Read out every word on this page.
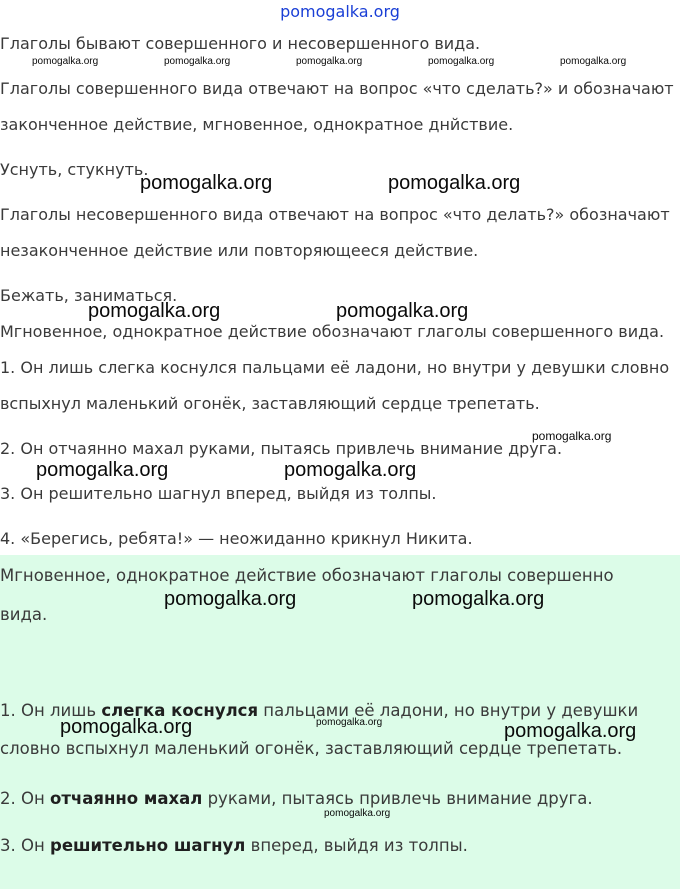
pomogalka.org

Глаголы бывают совершенного и несовершенного вида.

Глаголы совершенного вида отвечают на вопрос «что сделать?» и обозначают

законченное действие, мгновенное, однократное днйствие.

Уснуть, стукнуть.

Глаголы несовершенного вида отвечают на вопрос «что делать?» обозначают

незаконченное действие или повторяющееся действие.

Бежать, заниматься.

Мгновенное, однократное действие обозначают глаголы совершенного вида.

1. Он лишь слегка коснулся пальцами её ладони, но внутри у девушки словно

вспыхнул маленький огонёк, заставляющий сердце трепетать.

2. Он отчаянно махал руками, пытаясь привлечь внимание друга.

3. Он решительно шагнул вперед, выйдя из толпы.

4. «Берегись, ребята!» — неожиданно крикнул Никита.

Мгновенное, однократное действие обозначают глаголы совершенно

вида.

1. Он лишь слегка коснулся пальцами её ладони, но внутри у девушки

словно вспыхнул маленький огонёк, заставляющий сердце трепетать.

2. Он отчаянно махал руками, пытаясь привлечь внимание друга.

3. Он решительно шагнул вперед, выйдя из толпы.

pomogalka.org	pomogalka.org	pomogalka.org	pomogalka.org	pomogalka.org
pomogalka.org	pomogalka.org
pomogalka.org	pomogalka.org
pomogalka.org
pomogalka.org	pomogalka.org
pomogalka.org	pomogalka.org
pomogalka.org	pomogalka.org	pomogalka.org
pomogalka.org
